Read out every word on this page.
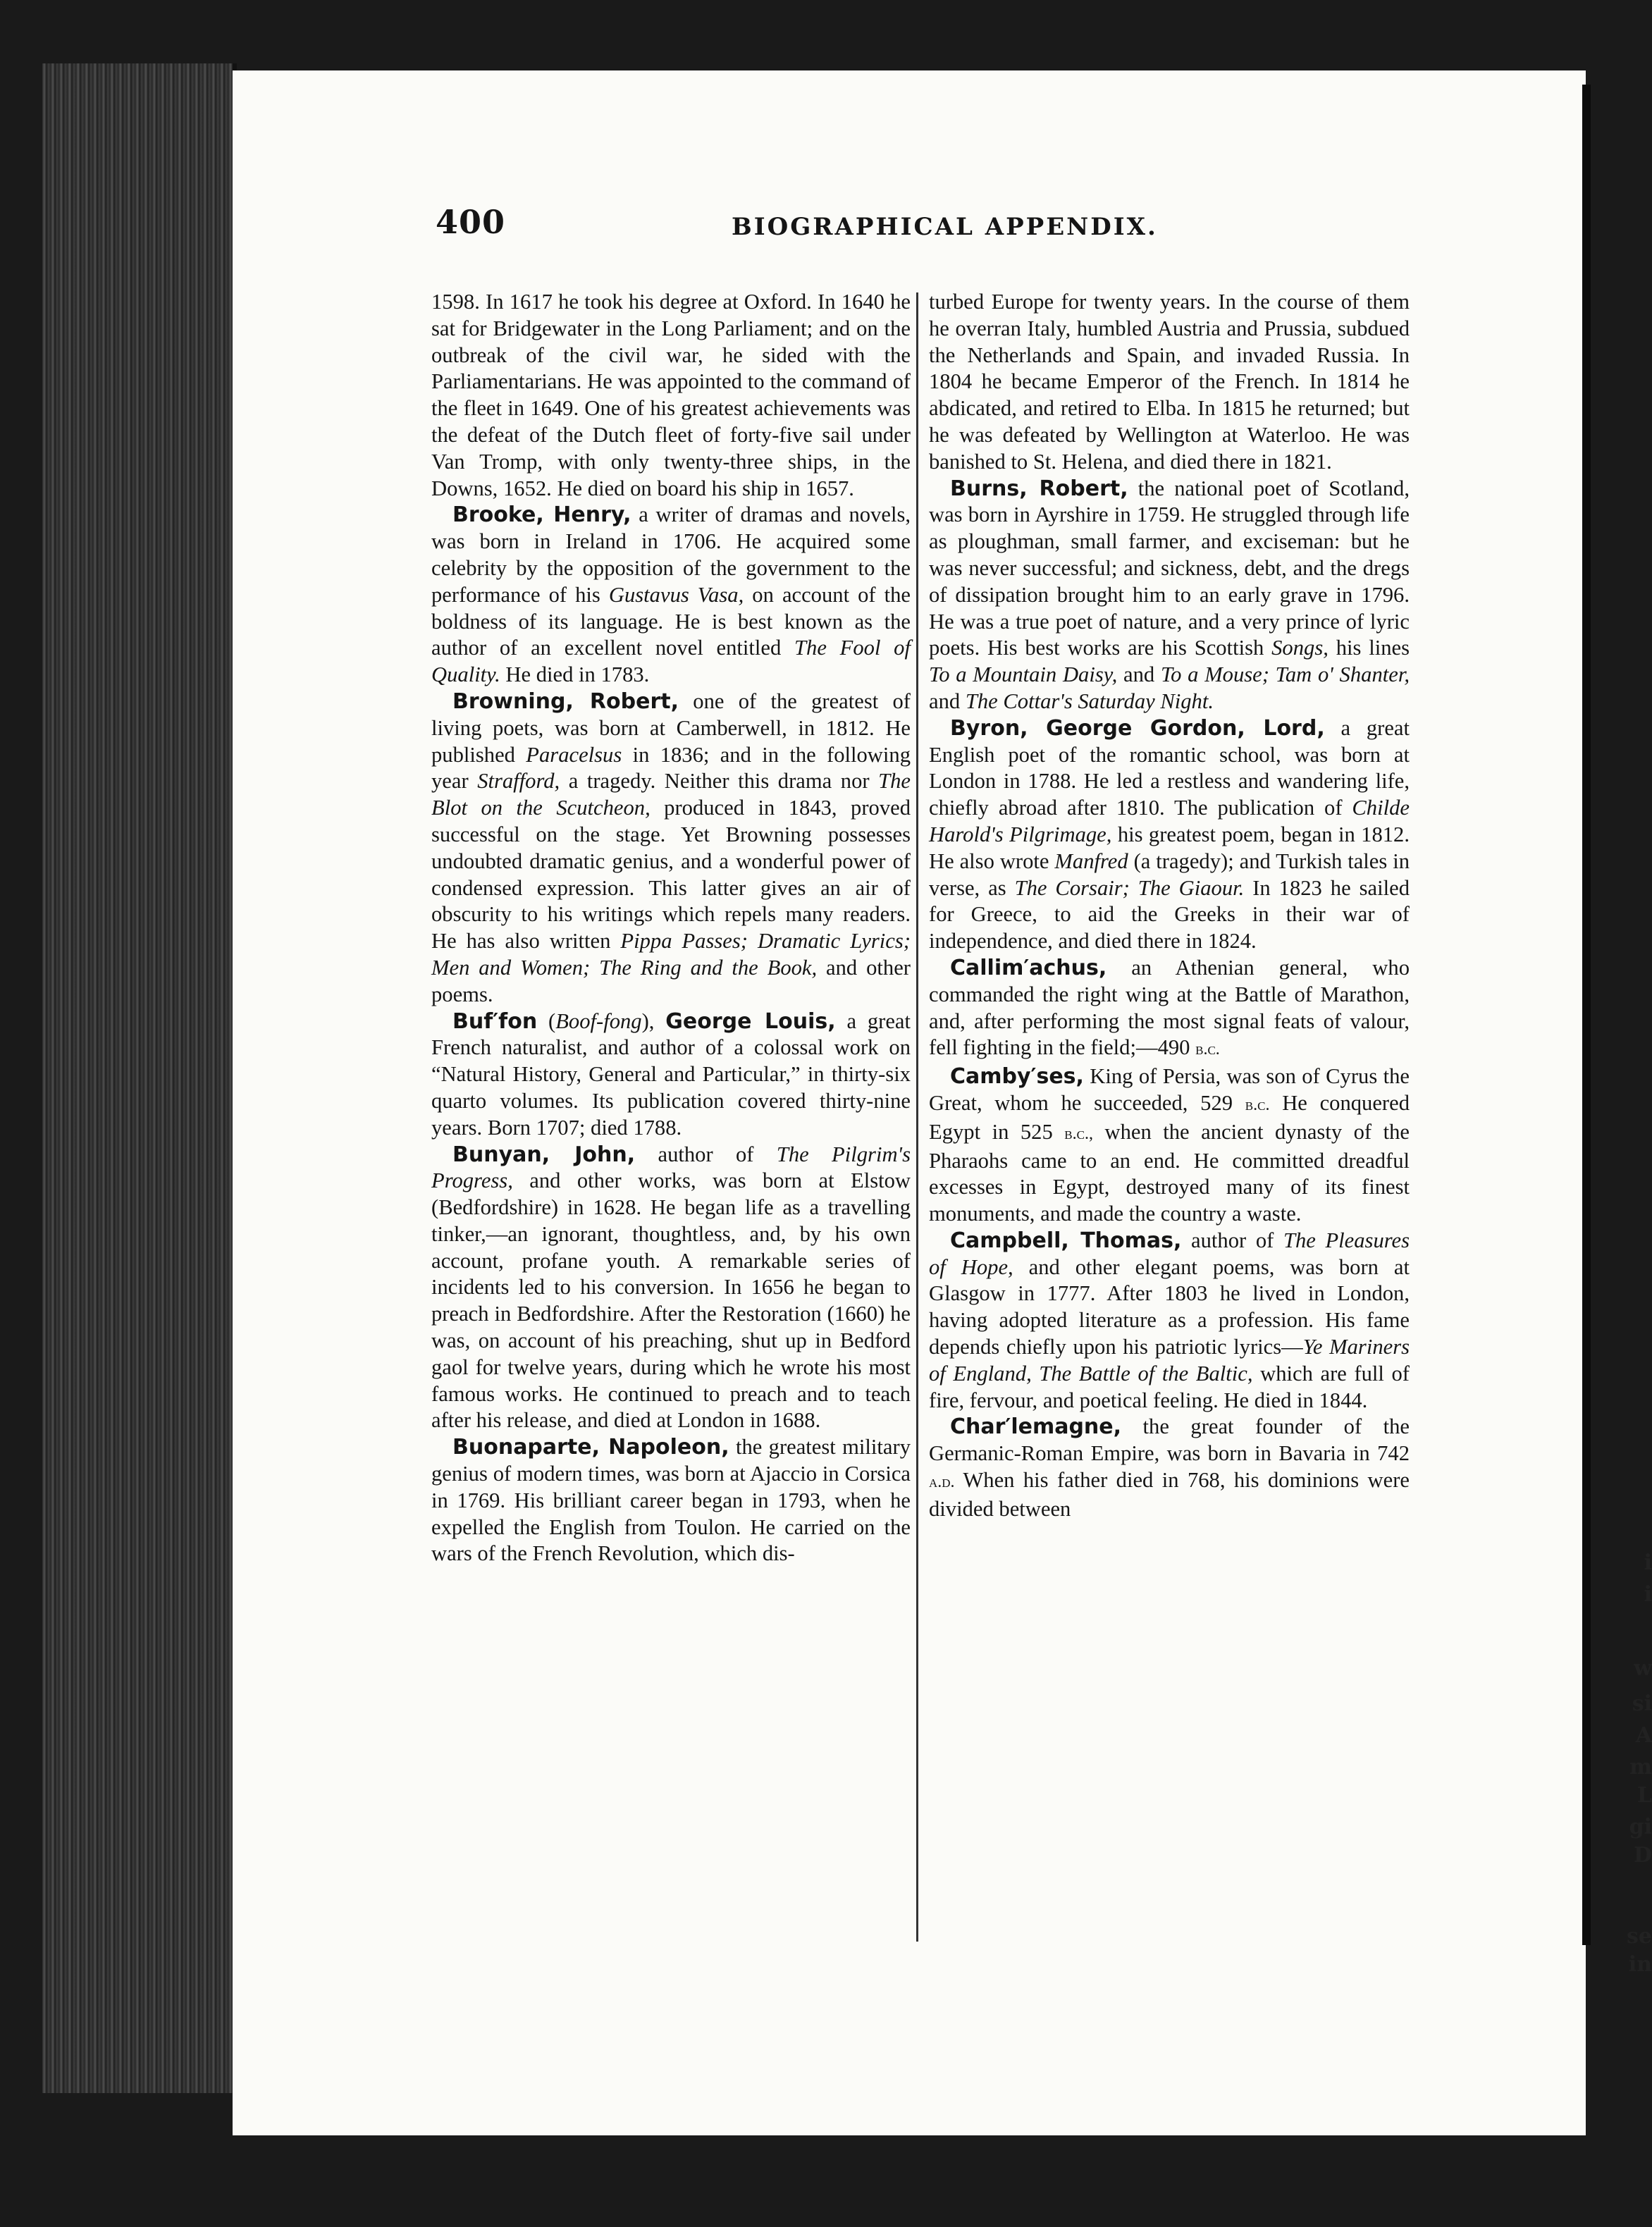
i
i
w
si
A
m
L
gi
D
se
in
400	BIOGRAPHICAL APPENDIX.

1598. In 1617 he took his degree at Oxford. In 1640 he sat for Bridgewater in the Long Parliament; and on the outbreak of the civil war, he sided with the Parliamentarians. He was appointed to the command of the fleet in 1649. One of his greatest achievements was the defeat of the Dutch fleet of forty-five sail under Van Tromp, with only twenty-three ships, in the Downs, 1652. He died on board his ship in 1657.

Brooke, Henry, a writer of dramas and novels, was born in Ireland in 1706. He acquired some celebrity by the opposition of the government to the performance of his Gustavus Vasa, on account of the boldness of its language. He is best known as the author of an excellent novel entitled The Fool of Quality. He died in 1783.

Browning, Robert, one of the greatest of living poets, was born at Camberwell, in 1812. He published Paracelsus in 1836; and in the following year Strafford, a tragedy. Neither this drama nor The Blot on the Scutcheon, produced in 1843, proved successful on the stage. Yet Browning possesses undoubted dramatic genius, and a wonderful power of condensed expression. This latter gives an air of obscurity to his writings which repels many readers. He has also written Pippa Passes; Dramatic Lyrics; Men and Women; The Ring and the Book, and other poems.

Buf′fon (Boof-fong), George Louis, a great French naturalist, and author of a colossal work on “Natural History, General and Particular,” in thirty-six quarto volumes. Its publication covered thirty-nine years. Born 1707; died 1788.

Bunyan, John, author of The Pilgrim's Progress, and other works, was born at Elstow (Bedfordshire) in 1628. He began life as a travelling tinker,—an ignorant, thoughtless, and, by his own account, profane youth. A remarkable series of incidents led to his conversion. In 1656 he began to preach in Bedfordshire. After the Restoration (1660) he was, on account of his preaching, shut up in Bedford gaol for twelve years, during which he wrote his most famous works. He continued to preach and to teach after his release, and died at London in 1688.

Buonaparte, Napoleon, the greatest military genius of modern times, was born at Ajaccio in Corsica in 1769. His brilliant career began in 1793, when he expelled the English from Toulon. He carried on the wars of the French Revolution, which dis-

turbed Europe for twenty years. In the course of them he overran Italy, humbled Austria and Prussia, subdued the Netherlands and Spain, and invaded Russia. In 1804 he became Emperor of the French. In 1814 he abdicated, and retired to Elba. In 1815 he returned; but he was defeated by Wellington at Waterloo. He was banished to St. Helena, and died there in 1821.

Burns, Robert, the national poet of Scotland, was born in Ayrshire in 1759. He struggled through life as ploughman, small farmer, and exciseman: but he was never successful; and sickness, debt, and the dregs of dissipation brought him to an early grave in 1796. He was a true poet of nature, and a very prince of lyric poets. His best works are his Scottish Songs, his lines To a Mountain Daisy, and To a Mouse; Tam o' Shanter, and The Cottar's Saturday Night.

Byron, George Gordon, Lord, a great English poet of the romantic school, was born at London in 1788. He led a restless and wandering life, chiefly abroad after 1810. The publication of Childe Harold's Pilgrimage, his greatest poem, began in 1812. He also wrote Manfred (a tragedy); and Turkish tales in verse, as The Corsair; The Giaour. In 1823 he sailed for Greece, to aid the Greeks in their war of independence, and died there in 1824.

Callim′achus, an Athenian general, who commanded the right wing at the Battle of Marathon, and, after performing the most signal feats of valour, fell fighting in the field;—490 b.c.

Camby′ses, King of Persia, was son of Cyrus the Great, whom he succeeded, 529 b.c. He conquered Egypt in 525 b.c., when the ancient dynasty of the Pharaohs came to an end. He committed dreadful excesses in Egypt, destroyed many of its finest monuments, and made the country a waste.

Campbell, Thomas, author of The Pleasures of Hope, and other elegant poems, was born at Glasgow in 1777. After 1803 he lived in London, having adopted literature as a profession. His fame depends chiefly upon his patriotic lyrics—Ye Mariners of England, The Battle of the Baltic, which are full of fire, fervour, and poetical feeling. He died in 1844.

Char′lemagne, the great founder of the Germanic-Roman Empire, was born in Bavaria in 742 a.d. When his father died in 768, his dominions were divided between
